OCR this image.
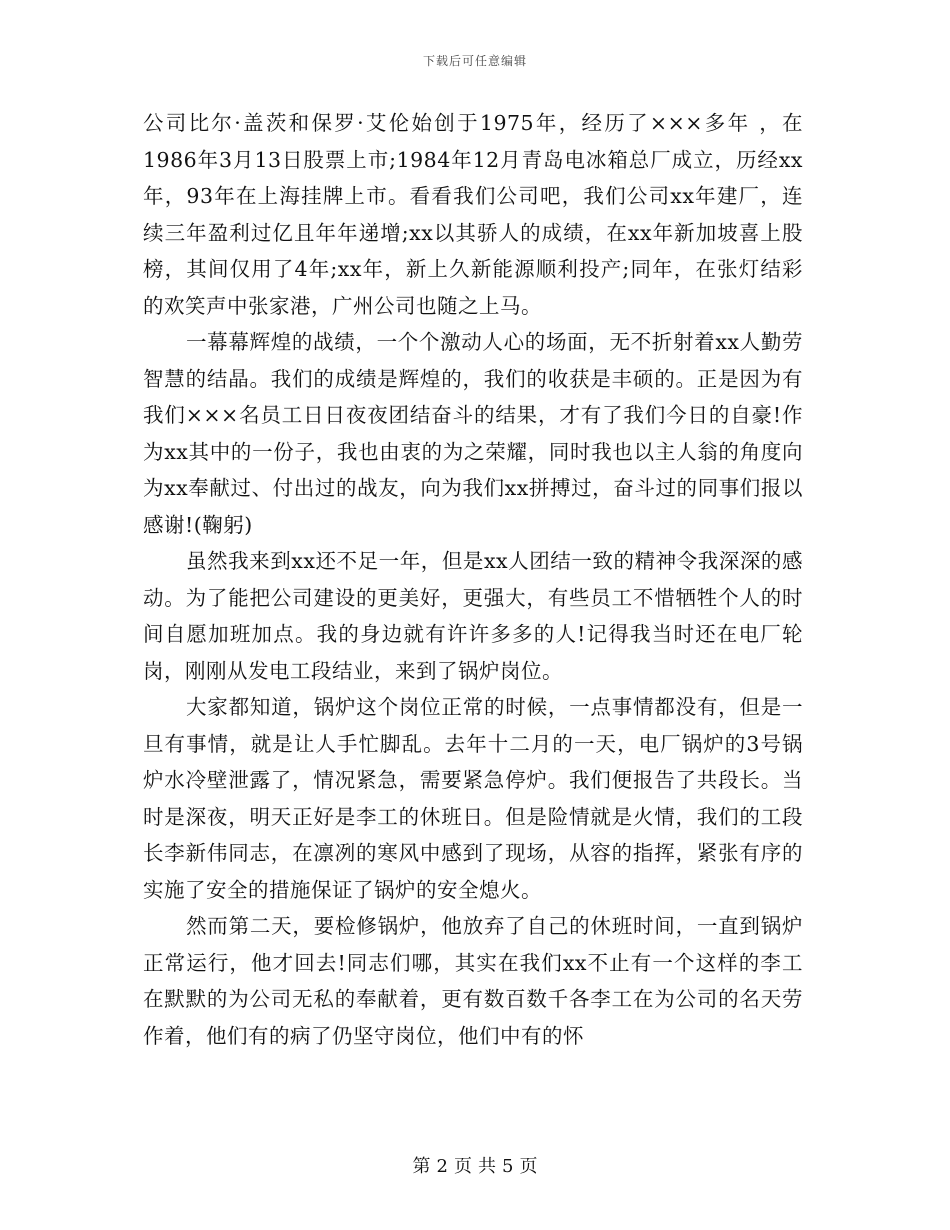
下载后可任意编辑

公司比尔·盖茨和保罗·艾伦始创于1975年，经历了×××多年 ，在1986年3月13日股票上市;1984年12月青岛电冰箱总厂成立，历经xx年，93年在上海挂牌上市。看看我们公司吧，我们公司xx年建厂，连续三年盈利过亿且年年递增;xx以其骄人的成绩，在xx年新加坡喜上股榜，其间仅用了4年;xx年，新上久新能源顺利投产;同年，在张灯结彩的欢笑声中张家港，广州公司也随之上马。

一幕幕辉煌的战绩，一个个激动人心的场面，无不折射着xx人勤劳智慧的结晶。我们的成绩是辉煌的，我们的收获是丰硕的。正是因为有我们×××名员工日日夜夜团结奋斗的结果，才有了我们今日的自豪!作为xx其中的一份子，我也由衷的为之荣耀，同时我也以主人翁的角度向为xx奉献过、付出过的战友，向为我们xx拼搏过，奋斗过的同事们报以感谢!(鞠躬)

虽然我来到xx还不足一年，但是xx人团结一致的精神令我深深的感动。为了能把公司建设的更美好，更强大，有些员工不惜牺牲个人的时间自愿加班加点。我的身边就有许许多多的人!记得我当时还在电厂轮岗，刚刚从发电工段结业，来到了锅炉岗位。

大家都知道，锅炉这个岗位正常的时候，一点事情都没有，但是一旦有事情，就是让人手忙脚乱。去年十二月的一天，电厂锅炉的3号锅炉水冷壁泄露了，情况紧急，需要紧急停炉。我们便报告了共段长。当时是深夜，明天正好是李工的休班日。但是险情就是火情，我们的工段长李新伟同志，在凛冽的寒风中感到了现场，从容的指挥，紧张有序的实施了安全的措施保证了锅炉的安全熄火。

然而第二天，要检修锅炉，他放弃了自己的休班时间，一直到锅炉正常运行，他才回去!同志们哪，其实在我们xx不止有一个这样的李工在默默的为公司无私的奉献着，更有数百数千各李工在为公司的名天劳作着，他们有的病了仍坚守岗位，他们中有的怀

第 2 页 共 5 页
